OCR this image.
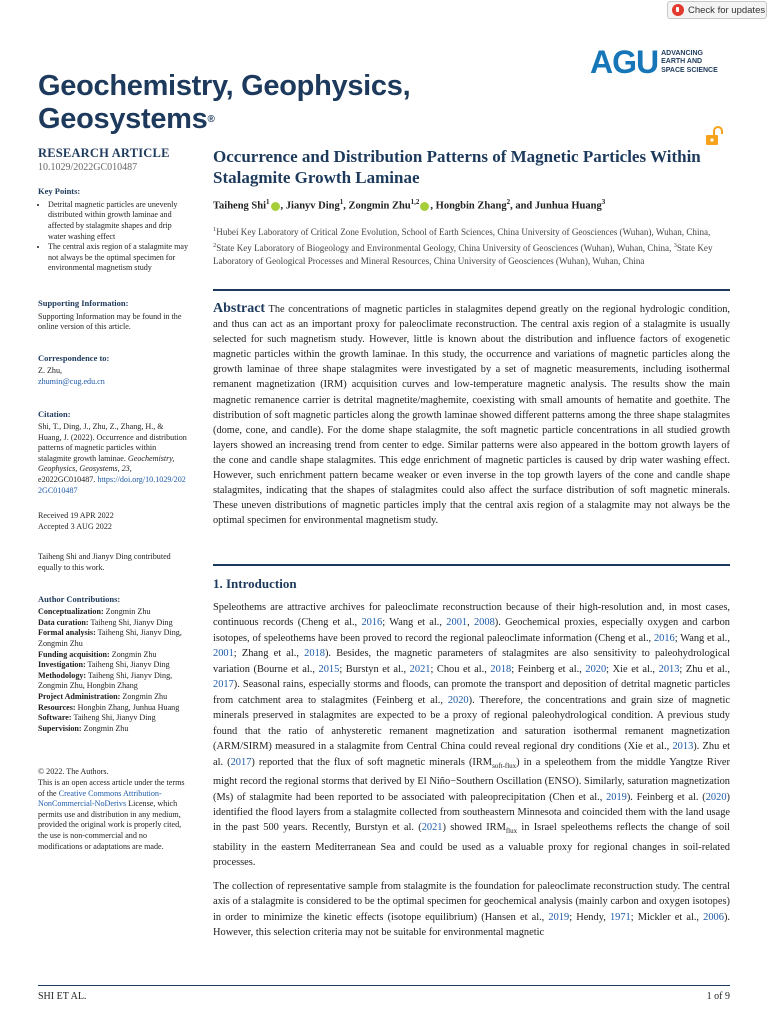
Check for updates
Geochemistry, Geophysics,
Geosystems®
AGU ADVANCING
EARTH AND
SPACE SCIENCE
RESEARCH ARTICLE
10.1029/2022GC010487
Key Points:
• Detrital magnetic particles are unevenly distributed within growth laminae and affected by stalagmite shapes and drip water washing effect
• The central axis region of a stalagmite may not always be the optimal specimen for environmental magnetism study
Supporting Information:
Supporting Information may be found in the online version of this article.
Correspondence to:
Z. Zhu,
zhumin@cug.edu.cn
Citation:
Shi, T., Ding, J., Zhu, Z., Zhang, H., & Huang, J. (2022). Occurrence and distribution patterns of magnetic particles within stalagmite growth laminae. Geochemistry, Geophysics, Geosystems, 23, e2022GC010487. https://doi.org/10.1029/2022GC010487
Received 19 APR 2022
Accepted 3 AUG 2022
Taiheng Shi and Jianyv Ding contributed equally to this work.
Author Contributions:
Conceptualization: Zongmin Zhu
Data curation: Taiheng Shi, Jianyv Ding
Formal analysis: Taiheng Shi, Jianyv Ding, Zongmin Zhu
Funding acquisition: Zongmin Zhu
Investigation: Taiheng Shi, Jianyv Ding
Methodology: Taiheng Shi, Jianyv Ding, Zongmin Zhu, Hongbin Zhang
Project Administration: Zongmin Zhu
Resources: Hongbin Zhang, Junhua Huang
Software: Taiheng Shi, Jianyv Ding
Supervision: Zongmin Zhu
© 2022. The Authors.
This is an open access article under the terms of the Creative Commons Attribution-NonCommercial-NoDerivs License, which permits use and distribution in any medium, provided the original work is properly cited, the use is non-commercial and no modifications or adaptations are made.
Occurrence and Distribution Patterns of Magnetic Particles Within Stalagmite Growth Laminae
Taiheng Shi$^1$ , Jianyv Ding$^1$, Zongmin Zhu$^{1,2}$ , Hongbin Zhang$^2$, and Junhua Huang$^3$
$^1$Hubei Key Laboratory of Critical Zone Evolution, School of Earth Sciences, China University of Geosciences (Wuhan), Wuhan, China, $^2$State Key Laboratory of Biogeology and Environmental Geology, China University of Geosciences (Wuhan), Wuhan, China, $^3$State Key Laboratory of Geological Processes and Mineral Resources, China University of Geosciences (Wuhan), Wuhan, China
Abstract The concentrations of magnetic particles in stalagmites depend greatly on the regional hydrologic condition, and thus can act as an important proxy for paleoclimate reconstruction. The central axis region of a stalagmite is usually selected for such magnetism study. However, little is known about the distribution and influence factors of exogenetic magnetic particles within the growth laminae. In this study, the occurrence and variations of magnetic particles along the growth laminae of three shape stalagmites were investigated by a set of magnetic measurements, including isothermal remanent magnetization (IRM) acquisition curves and low-temperature magnetic analysis. The results show the main magnetic remanence carrier is detrital magnetite/maghemite, coexisting with small amounts of hematite and goethite. The distribution of soft magnetic particles along the growth laminae showed different patterns among the three shape stalagmites (dome, cone, and candle). For the dome shape stalagmite, the soft magnetic particle concentrations in all studied growth layers showed an increasing trend from center to edge. Similar patterns were also appeared in the bottom growth layers of the cone and candle shape stalagmites. This edge enrichment of magnetic particles is caused by drip water washing effect. However, such enrichment pattern became weaker or even inverse in the top growth layers of the cone and candle shape stalagmites, indicating that the shapes of stalagmites could also affect the surface distribution of soft magnetic minerals. These uneven distributions of magnetic particles imply that the central axis region of a stalagmite may not always be the optimal specimen for environmental magnetism study.
1. Introduction

Speleothems are attractive archives for paleoclimate reconstruction because of their high-resolution and, in most cases, continuous records (Cheng et al., 2016; Wang et al., 2001, 2008). Geochemical proxies, especially oxygen and carbon isotopes, of speleothems have been proved to record the regional paleoclimate information (Cheng et al., 2016; Wang et al., 2001; Zhang et al., 2018). Besides, the magnetic parameters of stalagmites are also sensitivity to paleohydrological variation (Bourne et al., 2015; Burstyn et al., 2021; Chou et al., 2018; Feinberg et al., 2020; Xie et al., 2013; Zhu et al., 2017). Seasonal rains, especially storms and floods, can promote the transport and deposition of detrital magnetic particles from catchment area to stalagmites (Feinberg et al., 2020). Therefore, the concentrations and grain size of magnetic minerals preserved in stalagmites are expected to be a proxy of regional paleohydrological condition. A previous study found that the ratio of anhysteretic remanent magnetization and saturation isothermal remanent magnetization (ARM/SIRM) measured in a stalagmite from Central China could reveal regional dry conditions (Xie et al., 2013). Zhu et al. (2017) reported that the flux of soft magnetic minerals $(IRM_{soft-flux})$ in a speleothem from the middle Yangtze River might record the regional storms that derived by El Niño−Southern Oscillation (ENSO). Similarly, saturation magnetization (Ms) of stalagmite had been reported to be associated with paleoprecipitation (Chen et al., 2019). Feinberg et al. (2020) identified the flood layers from a stalagmite collected from southeastern Minnesota and coincided them with the land usage in the past 500 years. Recently, Burstyn et al. (2021) showed $IRM_{flux}$ in Israel speleothems reflects the change of soil stability in the eastern Mediterranean Sea and could be used as a valuable proxy for regional changes in soil-related processes.

The collection of representative sample from stalagmite is the foundation for paleoclimate reconstruction study. The central axis of a stalagmite is considered to be the optimal specimen for geochemical analysis (mainly carbon and oxygen isotopes) in order to minimize the kinetic effects (isotope equilibrium) (Hansen et al., 2019; Hendy, 1971; Mickler et al., 2006). However, this selection criteria may not be suitable for environmental magnetic

SHI ET AL.	1 of 9
